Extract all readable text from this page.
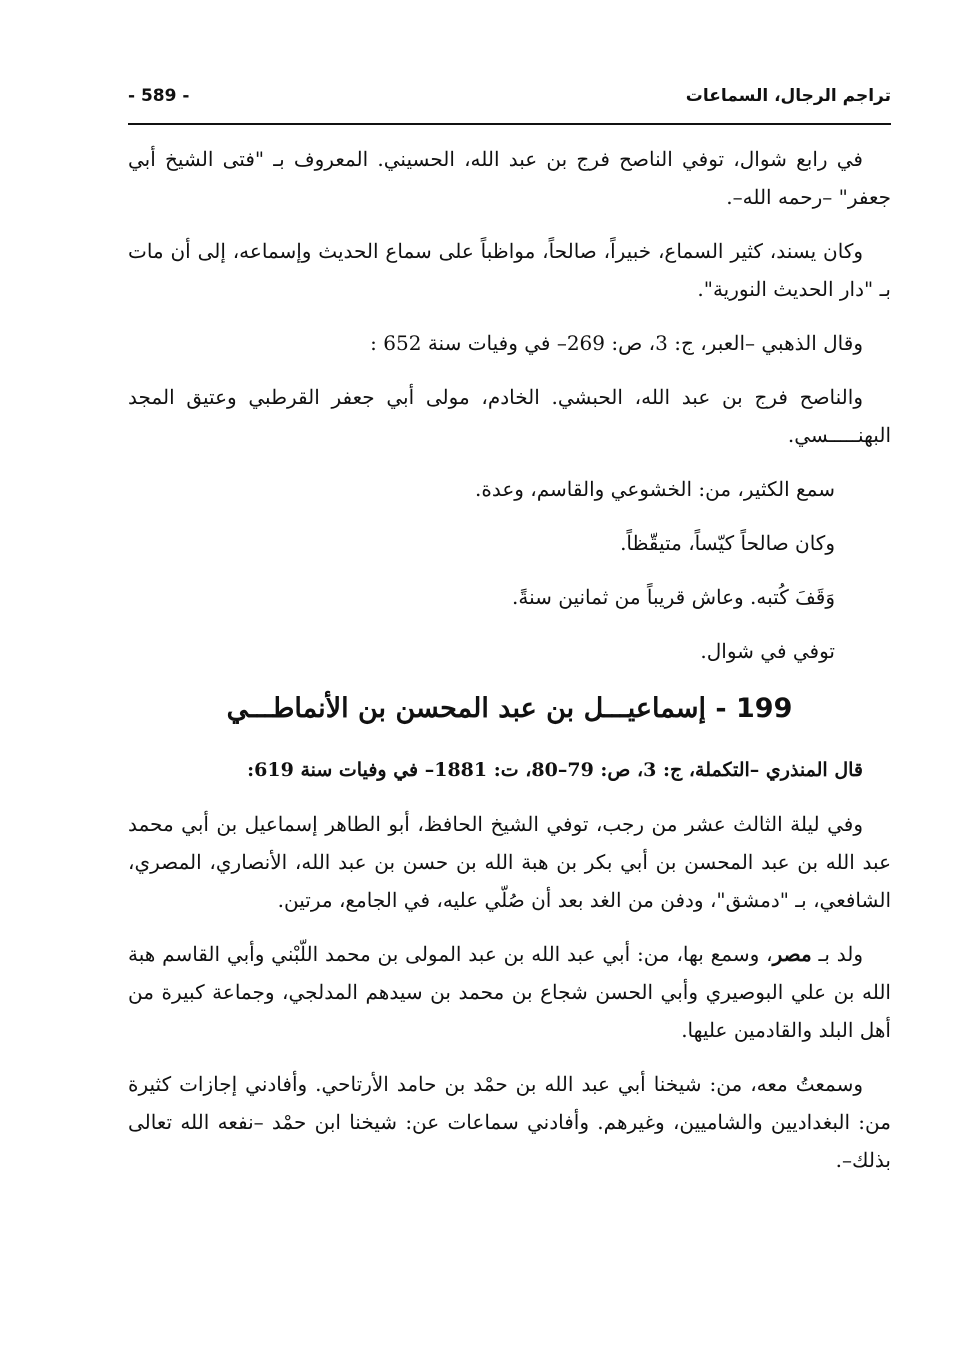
تراجم الرجال، السماعات
- 589 -

في رابع شوال، توفي الناصح فرج بن عبد الله، الحسيني. المعروف بـ "فتى الشيخ أبي جعفر" –رحمه الله–.

وكان يسند، كثير السماع، خبيراً، صالحاً، مواظباً على سماع الحديث وإسماعه، إلى أن مات بـ "دار الحديث النورية".

وقال الذهبي –العبر، ج: 3، ص: 269– في وفيات سنة 652 :

والناصح فرج بن عبد الله، الحبشي. الخادم، مولى أبي جعفر القرطبي وعتيق المجد البهنـــــسي.

سمع الكثير، من: الخشوعي والقاسم، وعدة.

وكان صالحاً كيّساً، متيقّظاً.

وَقَفَ كُتبه. وعاش قريباً من ثمانين سنةً.

توفي في شوال.

199 - إسماعيـــل بن عبد المحسن بن الأنماطـــي

قال المنذري –التكملة، ج: 3، ص: 79–80، ت: 1881– في وفيات سنة 619:

وفي ليلة الثالث عشر من رجب، توفي الشيخ الحافظ، أبو الطاهر إسماعيل بن أبي محمد عبد الله بن عبد المحسن بن أبي بكر بن هبة الله بن حسن بن عبد الله، الأنصاري، المصري، الشافعي، بـ "دمشق"، ودفن من الغد بعد أن صُلّي عليه، في الجامع، مرتين.

ولد بـ مصر، وسمع بها، من: أبي عبد الله بن عبد المولى بن محمد اللّبْني وأبي القاسم هبة الله بن علي البوصيري وأبي الحسن شجاع بن محمد بن سيدهم المدلجي، وجماعة كبيرة من أهل البلد والقادمين عليها.

وسمعتُ معه، من: شيخنا أبي عبد الله بن حمْد بن حامد الأرتاحي. وأفادني إجازات كثيرة من: البغداديين والشاميين، وغيرهم. وأفادني سماعات عن: شيخنا ابن حمْد –نفعه الله تعالى بذلك–.
